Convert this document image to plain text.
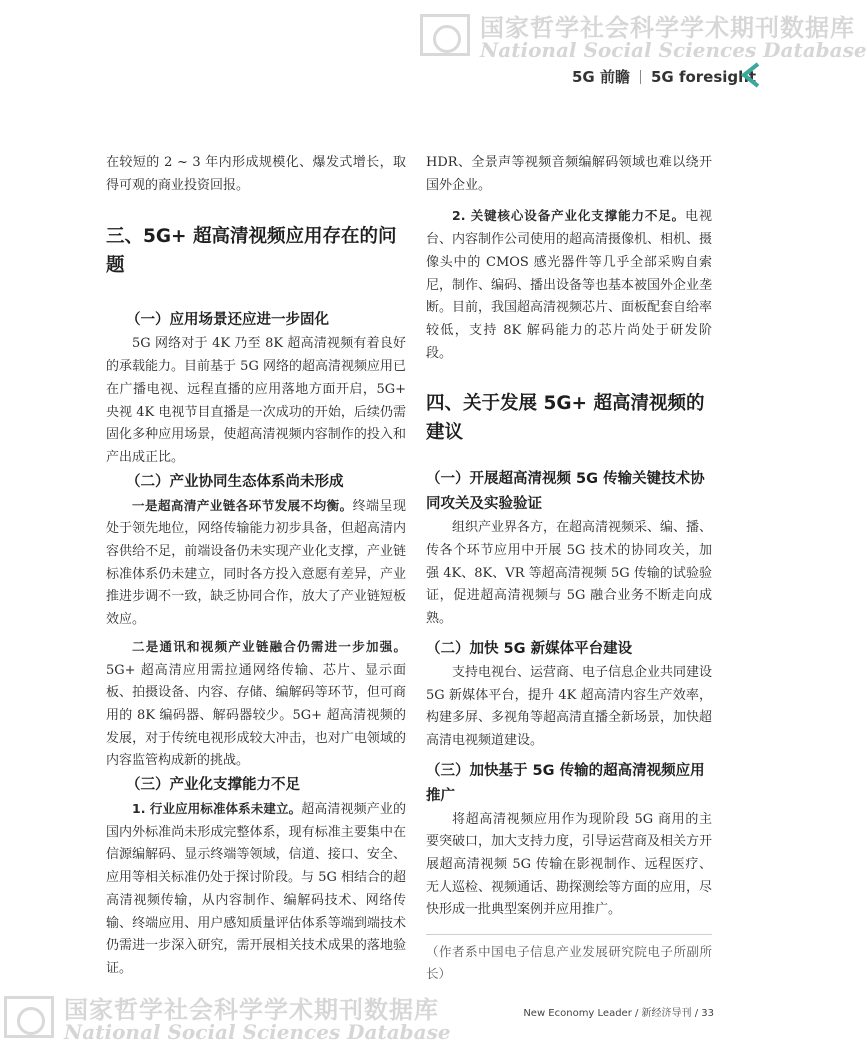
国家哲学社会科学学术期刊数据库
National Social Sciences Database
国家哲学社会科学学术期刊数据库
National Social Sciences Database
5G 前瞻 5G foresight

在较短的 2 ~ 3 年内形成规模化、爆发式增长，取得可观的商业投资回报。

三、5G+ 超高清视频应用存在的问题
（一）应用场景还应进一步固化

5G 网络对于 4K 乃至 8K 超高清视频有着良好的承载能力。目前基于 5G 网络的超高清视频应用已在广播电视、远程直播的应用落地方面开启，5G+ 央视 4K 电视节目直播是一次成功的开始，后续仍需固化多种应用场景，使超高清视频内容制作的投入和产出成正比。

（二）产业协同生态体系尚未形成

一是超高清产业链各环节发展不均衡。终端呈现处于领先地位，网络传输能力初步具备，但超高清内容供给不足，前端设备仍未实现产业化支撑，产业链标准体系仍未建立，同时各方投入意愿有差异，产业推进步调不一致，缺乏协同合作，放大了产业链短板效应。

二是通讯和视频产业链融合仍需进一步加强。5G+ 超高清应用需拉通网络传输、芯片、显示面板、拍摄设备、内容、存储、编解码等环节，但可商用的 8K 编码器、解码器较少。5G+ 超高清视频的发展，对于传统电视形成较大冲击，也对广电领域的内容监管构成新的挑战。

（三）产业化支撑能力不足

1. 行业应用标准体系未建立。超高清视频产业的国内外标准尚未形成完整体系，现有标准主要集中在信源编解码、显示终端等领域，信道、接口、安全、应用等相关标准仍处于探讨阶段。与 5G 相结合的超高清视频传输，从内容制作、编解码技术、网络传输、终端应用、用户感知质量评估体系等端到端技术仍需进一步深入研究，需开展相关技术成果的落地验证。

HDR、全景声等视频音频编解码领域也难以绕开国外企业。

2. 关键核心设备产业化支撑能力不足。电视台、内容制作公司使用的超高清摄像机、相机、摄像头中的 CMOS 感光器件等几乎全部采购自索尼，制作、编码、播出设备等也基本被国外企业垄断。目前，我国超高清视频芯片、面板配套自给率较低，支持 8K 解码能力的芯片尚处于研发阶段。

四、关于发展 5G+ 超高清视频的建议
（一）开展超高清视频 5G 传输关键技术协同攻关及实验验证

组织产业界各方，在超高清视频采、编、播、传各个环节应用中开展 5G 技术的协同攻关，加强 4K、8K、VR 等超高清视频 5G 传输的试验验证，促进超高清视频与 5G 融合业务不断走向成熟。

（二）加快 5G 新媒体平台建设

支持电视台、运营商、电子信息企业共同建设 5G 新媒体平台，提升 4K 超高清内容生产效率，构建多屏、多视角等超高清直播全新场景，加快超高清电视频道建设。

（三）加快基于 5G 传输的超高清视频应用推广

将超高清视频应用作为现阶段 5G 商用的主要突破口，加大支持力度，引导运营商及相关方开展超高清视频 5G 传输在影视制作、远程医疗、无人巡检、视频通话、勘探测绘等方面的应用，尽快形成一批典型案例并应用推广。

（作者系中国电子信息产业发展研究院电子所副所长）

New Economy Leader / 新经济导刊 / 33
